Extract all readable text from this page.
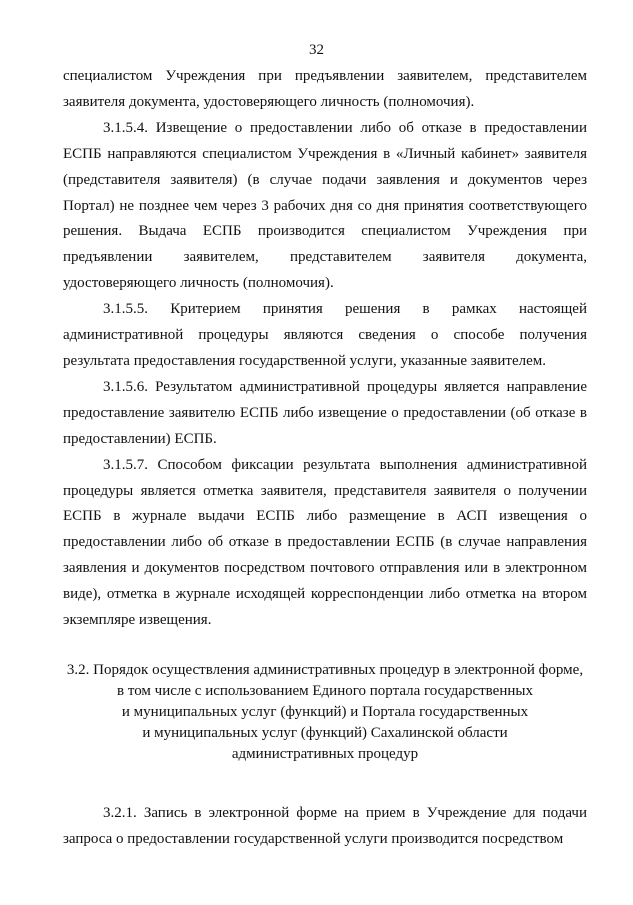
32

специалистом Учреждения при предъявлении заявителем, представителем заявителя документа, удостоверяющего личность (полномочия).

3.1.5.4. Извещение о предоставлении либо об отказе в предоставлении ЕСПБ направляются специалистом Учреждения в «Личный кабинет» заявителя (представителя заявителя) (в случае подачи заявления и документов через Портал) не позднее чем через 3 рабочих дня со дня принятия соответствующего решения. Выдача ЕСПБ производится специалистом Учреждения при предъявлении заявителем, представителем заявителя документа, удостоверяющего личность (полномочия).

3.1.5.5. Критерием принятия решения в рамках настоящей административной процедуры являются сведения о способе получения результата предоставления государственной услуги, указанные заявителем.

3.1.5.6. Результатом административной процедуры является направление предоставление заявителю ЕСПБ либо извещение о предоставлении (об отказе в предоставлении) ЕСПБ.

3.1.5.7. Способом фиксации результата выполнения административной процедуры является отметка заявителя, представителя заявителя о получении ЕСПБ в журнале выдачи ЕСПБ либо размещение в АСП извещения о предоставлении либо об отказе в предоставлении ЕСПБ (в случае направления заявления и документов посредством почтового отправления или в электронном виде), отметка в журнале исходящей корреспонденции либо отметка на втором экземпляре извещения.

3.2. Порядок осуществления административных процедур в электронной форме,
в том числе с использованием Единого портала государственных
и муниципальных услуг (функций) и Портала государственных
и муниципальных услуг (функций) Сахалинской области
административных процедур

3.2.1. Запись в электронной форме на прием в Учреждение для подачи запроса о предоставлении государственной услуги производится посредством
